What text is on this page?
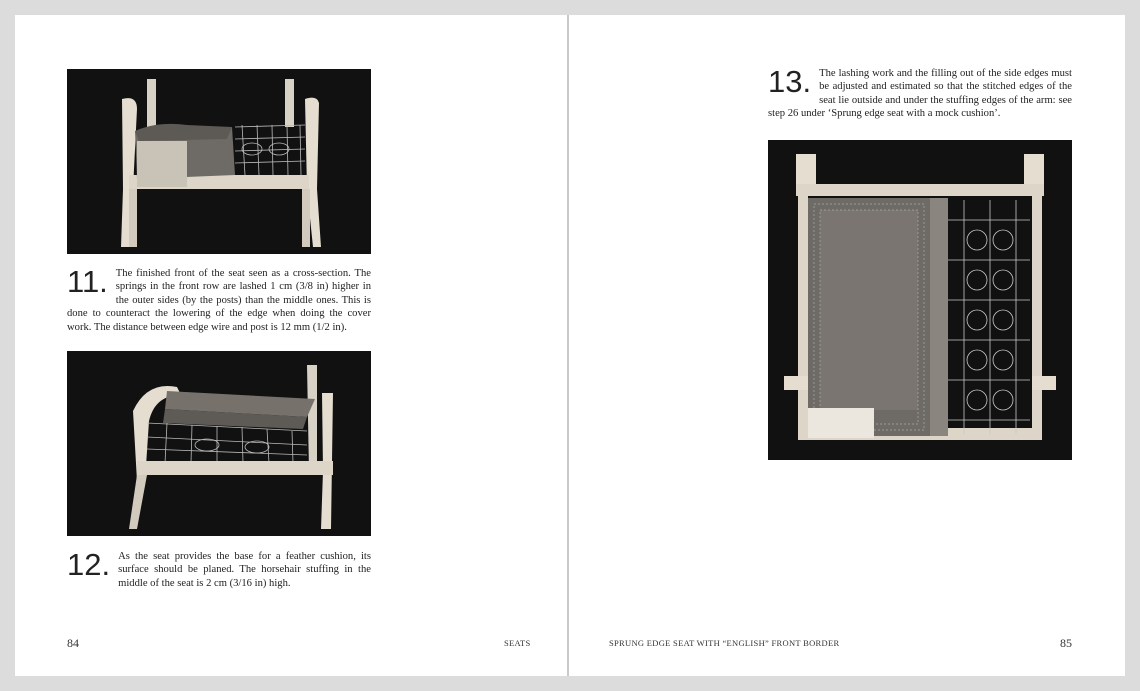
11. The finished front of the seat seen as a cross-section. The springs in the front row are lashed 1 cm (3/8 in) higher in the outer sides (by the posts) than the middle ones. This is done to counteract the lowering of the edge when doing the cover work. The distance between edge wire and post is 12 mm (1/2 in).
12. As the seat provides the base for a feather cushion, its surface should be planed. The horsehair stuffing in the middle of the seat is 2 cm (3/16 in) high.
13. The lashing work and the filling out of the side edges must be adjusted and estimated so that the stitched edges of the seat lie outside and under the stuffing edges of the arm: see step 26 under ‘Sprung edge seat with a mock cushion’.
84	SEATS	SPRUNG EDGE SEAT WITH “ENGLISH” FRONT BORDER	85
